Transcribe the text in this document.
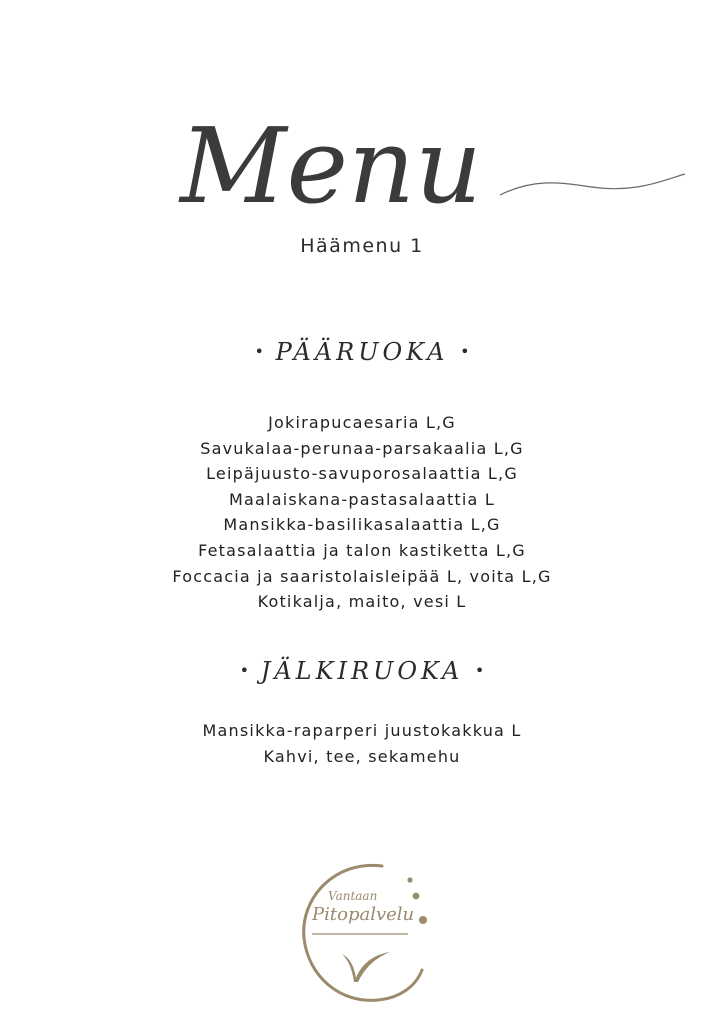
Menu
Häämenu 1
• PÄÄRUOKA •
Jokirapucaesaria L,G
Savukalaa-perunaa-parsakaalia L,G
Leipäjuusto-savuporosalaattia L,G
Maalaiskana-pastasalaattia L
Mansikka-basilikasalaattia L,G
Fetasalaattia ja talon kastiketta L,G
Foccacia ja saaristolaisleipää L, voita L,G
Kotikalja, maito, vesi L
• JÄLKIRUOKA •
Mansikka-raparperi juustokakkua L
Kahvi, tee, sekamehu
Vantaan
Pitopalvelu
